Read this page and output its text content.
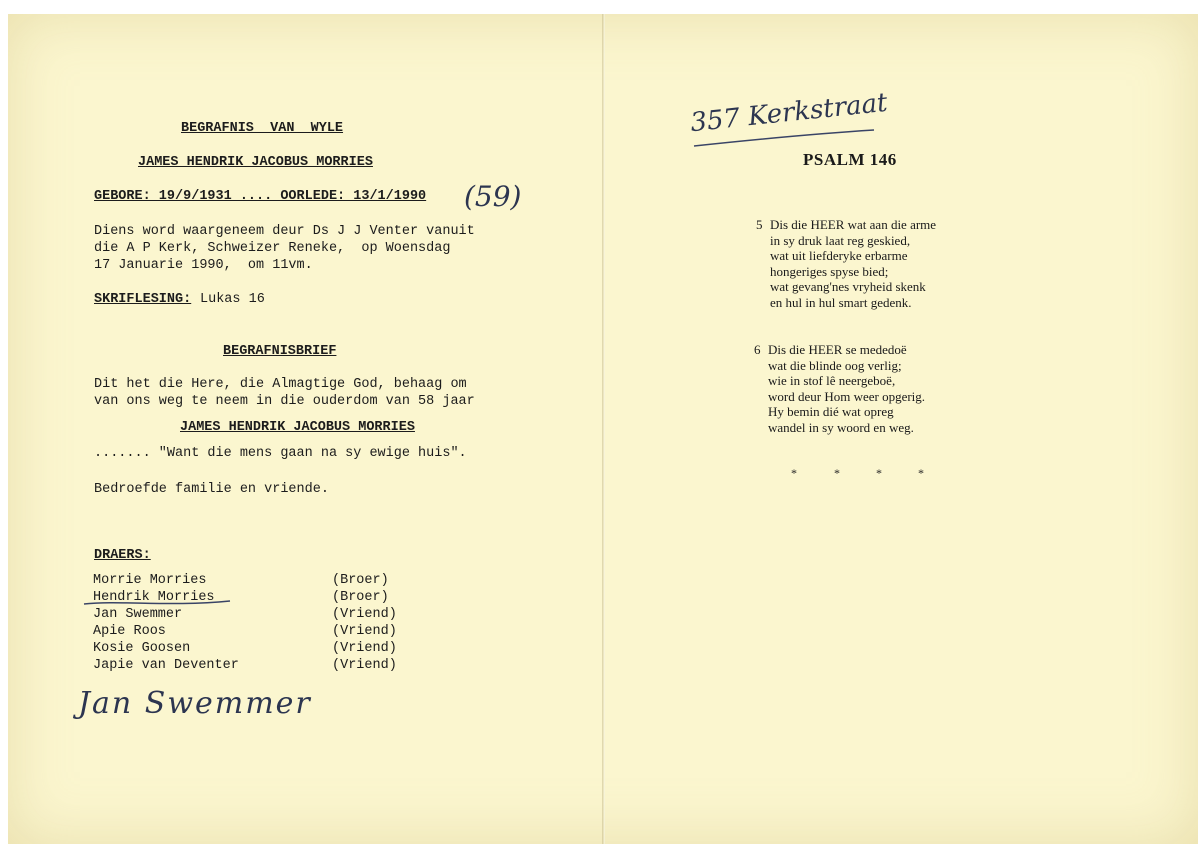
BEGRAFNIS  VAN  WYLE

JAMES HENDRIK JACOBUS MORRIES

GEBORE: 19/9/1931 .... OORLEDE: 13/1/1990

Diens word waargeneem deur Ds J J Venter vanuit

die A P Kerk, Schweizer Reneke,  op Woensdag

17 Januarie 1990,  om 11vm.

SKRIFLESING: Lukas 16

BEGRAFNISBRIEF

Dit het die Here, die Almagtige God, behaag om

van ons weg te neem in die ouderdom van 58 jaar

JAMES HENDRIK JACOBUS MORRIES

....... "Want die mens gaan na sy ewige huis".

Bedroefde familie en vriende.

DRAERS:

Morrie Morries	(Broer)
Hendrik Morries	(Broer)
Jan Swemmer	(Vriend)
Apie Roos	(Vriend)
Kosie Goosen	(Vriend)
Japie van Deventer	(Vriend)

(59)

Jan Swemmer

357 Kerkstraat

PSALM 146

5 Dis die HEER wat aan die arme
in sy druk laat reg geskied,
wat uit liefderyke erbarme
hongeriges spyse bied;
wat gevang'nes vryheid skenk
en hul in hul smart gedenk.
6 Dis die HEER se mededoë
wat die blinde oog verlig;
wie in stof lê neergeboë,
word deur Hom weer opgerig.
Hy bemin dié wat opreg
wandel in sy woord en weg.
*	*	*	*
